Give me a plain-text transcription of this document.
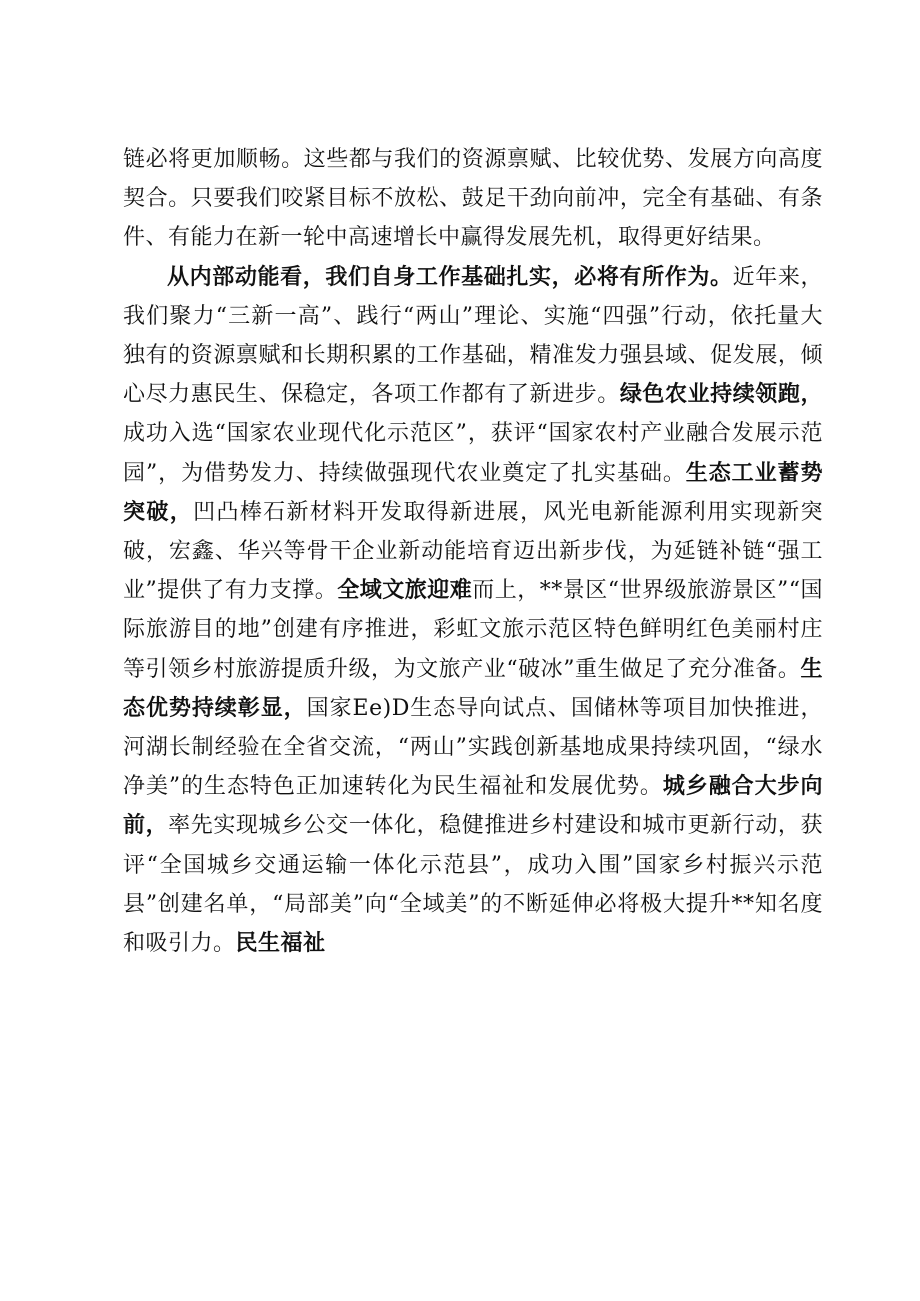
链必将更加顺畅。这些都与我们的资源禀赋、比较优势、发展方向高度契合。只要我们咬紧目标不放松、鼓足干劲向前冲，完全有基础、有条件、有能力在新一轮中高速增长中赢得发展先机，取得更好结果。

从内部动能看，我们自身工作基础扎实，必将有所作为。近年来，我们聚力“三新一高”、践行“两山”理论、实施“四强”行动，依托量大独有的资源禀赋和长期积累的工作基础，精准发力强县域、促发展，倾心尽力惠民生、保稳定，各项工作都有了新进步。绿色农业持续领跑，成功入选“国家农业现代化示范区”，获评“国家农村产业融合发展示范园”，为借势发力、持续做强现代农业奠定了扎实基础。生态工业蓄势突破，凹凸棒石新材料开发取得新进展，风光电新能源利用实现新突破，宏鑫、华兴等骨干企业新动能培育迈出新步伐，为延链补链“强工业”提供了有力支撑。全域文旅迎难而上，**景区“世界级旅游景区”“国际旅游目的地”创建有序推进，彩虹文旅示范区特色鲜明红色美丽村庄等引领乡村旅游提质升级，为文旅产业“破冰”重生做足了充分准备。生态优势持续彰显，国家Ee)D生态导向试点、国储林等项目加快推进，河湖长制经验在全省交流，“两山”实践创新基地成果持续巩固，“绿水净美”的生态特色正加速转化为民生福祉和发展优势。城乡融合大步向前，率先实现城乡公交一体化，稳健推进乡村建设和城市更新行动，获评“全国城乡交通运输一体化示范县”，成功入围”国家乡村振兴示范县”创建名单，“局部美”向“全域美”的不断延伸必将极大提升**知名度和吸引力。民生福祉
